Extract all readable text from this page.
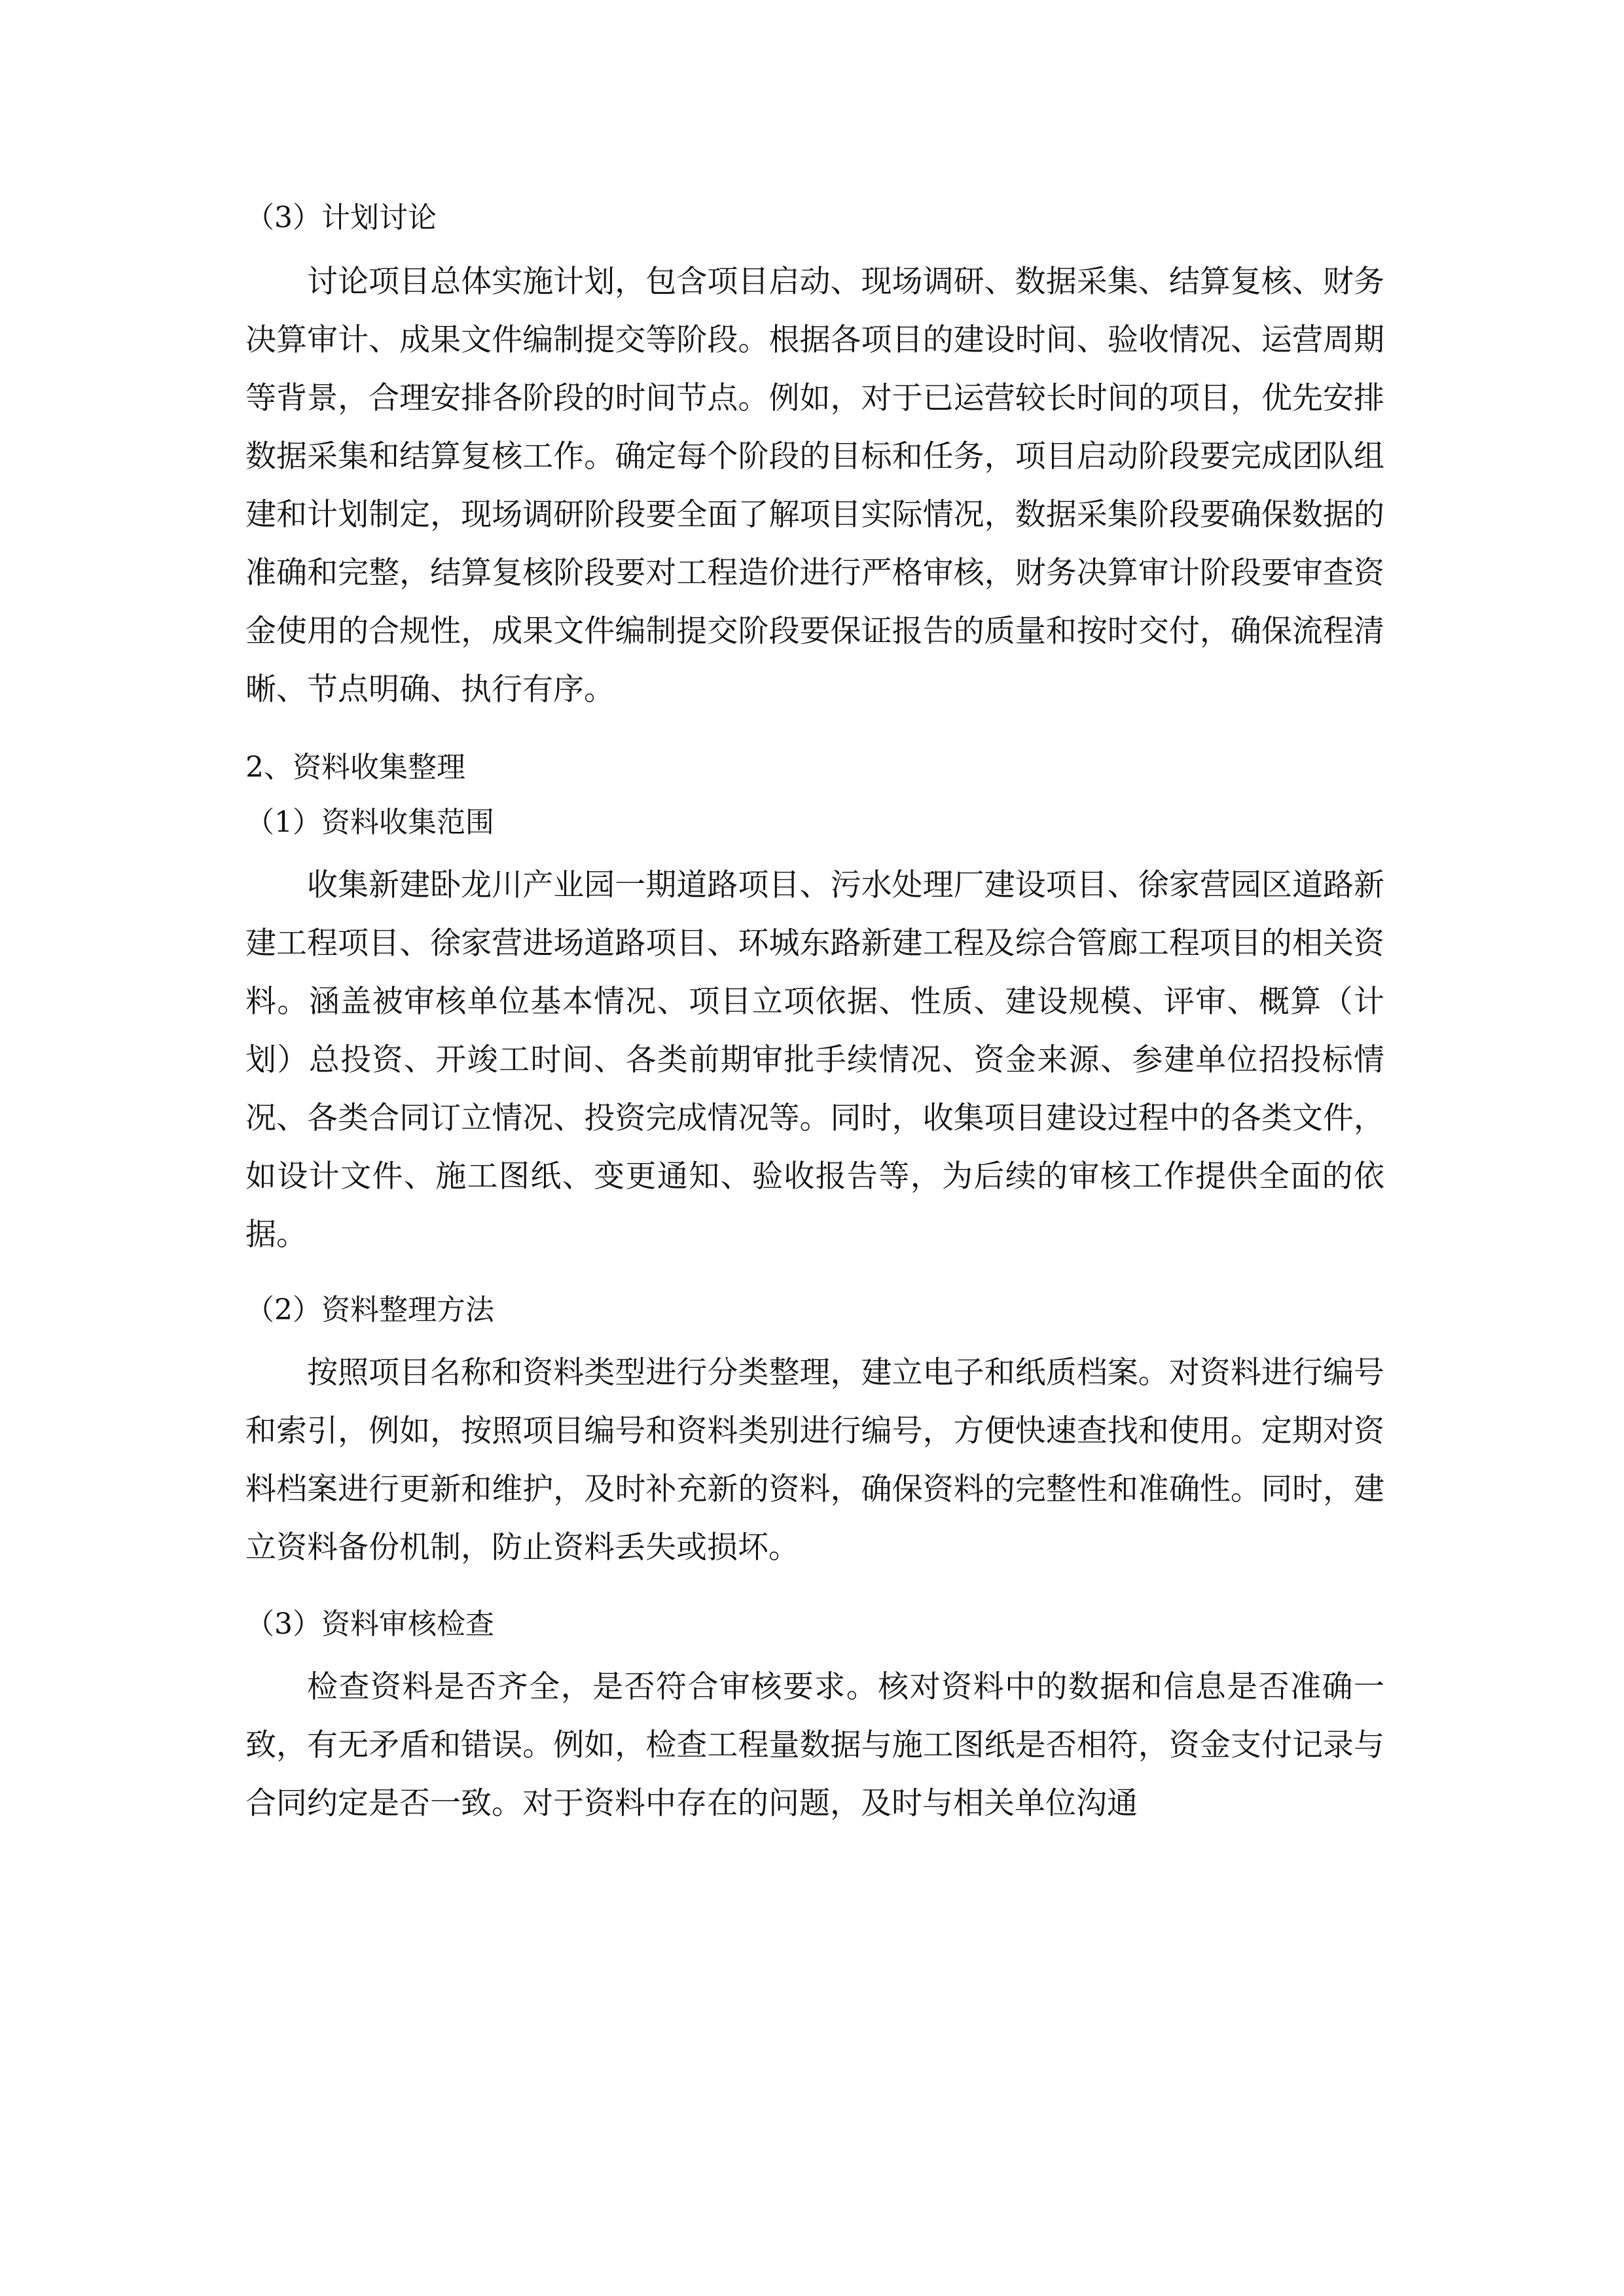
（3）计划讨论

讨论项目总体实施计划，包含项目启动、现场调研、数据采集、结算复核、财务决算审计、成果文件编制提交等阶段。根据各项目的建设时间、验收情况、运营周期等背景，合理安排各阶段的时间节点。例如，对于已运营较长时间的项目，优先安排数据采集和结算复核工作。确定每个阶段的目标和任务，项目启动阶段要完成团队组建和计划制定，现场调研阶段要全面了解项目实际情况，数据采集阶段要确保数据的准确和完整，结算复核阶段要对工程造价进行严格审核，财务决算审计阶段要审查资金使用的合规性，成果文件编制提交阶段要保证报告的质量和按时交付，确保流程清晰、节点明确、执行有序。

2、资料收集整理

（1）资料收集范围

收集新建卧龙川产业园一期道路项目、污水处理厂建设项目、徐家营园区道路新建工程项目、徐家营进场道路项目、环城东路新建工程及综合管廊工程项目的相关资料。涵盖被审核单位基本情况、项目立项依据、性质、建设规模、评审、概算（计划）总投资、开竣工时间、各类前期审批手续情况、资金来源、参建单位招投标情况、各类合同订立情况、投资完成情况等。同时，收集项目建设过程中的各类文件，如设计文件、施工图纸、变更通知、验收报告等，为后续的审核工作提供全面的依据。

（2）资料整理方法

按照项目名称和资料类型进行分类整理，建立电子和纸质档案。对资料进行编号和索引，例如，按照项目编号和资料类别进行编号，方便快速查找和使用。定期对资料档案进行更新和维护，及时补充新的资料，确保资料的完整性和准确性。同时，建立资料备份机制，防止资料丢失或损坏。

（3）资料审核检查

检查资料是否齐全，是否符合审核要求。核对资料中的数据和信息是否准确一致，有无矛盾和错误。例如，检查工程量数据与施工图纸是否相符，资金支付记录与合同约定是否一致。对于资料中存在的问题，及时与相关单位沟通
